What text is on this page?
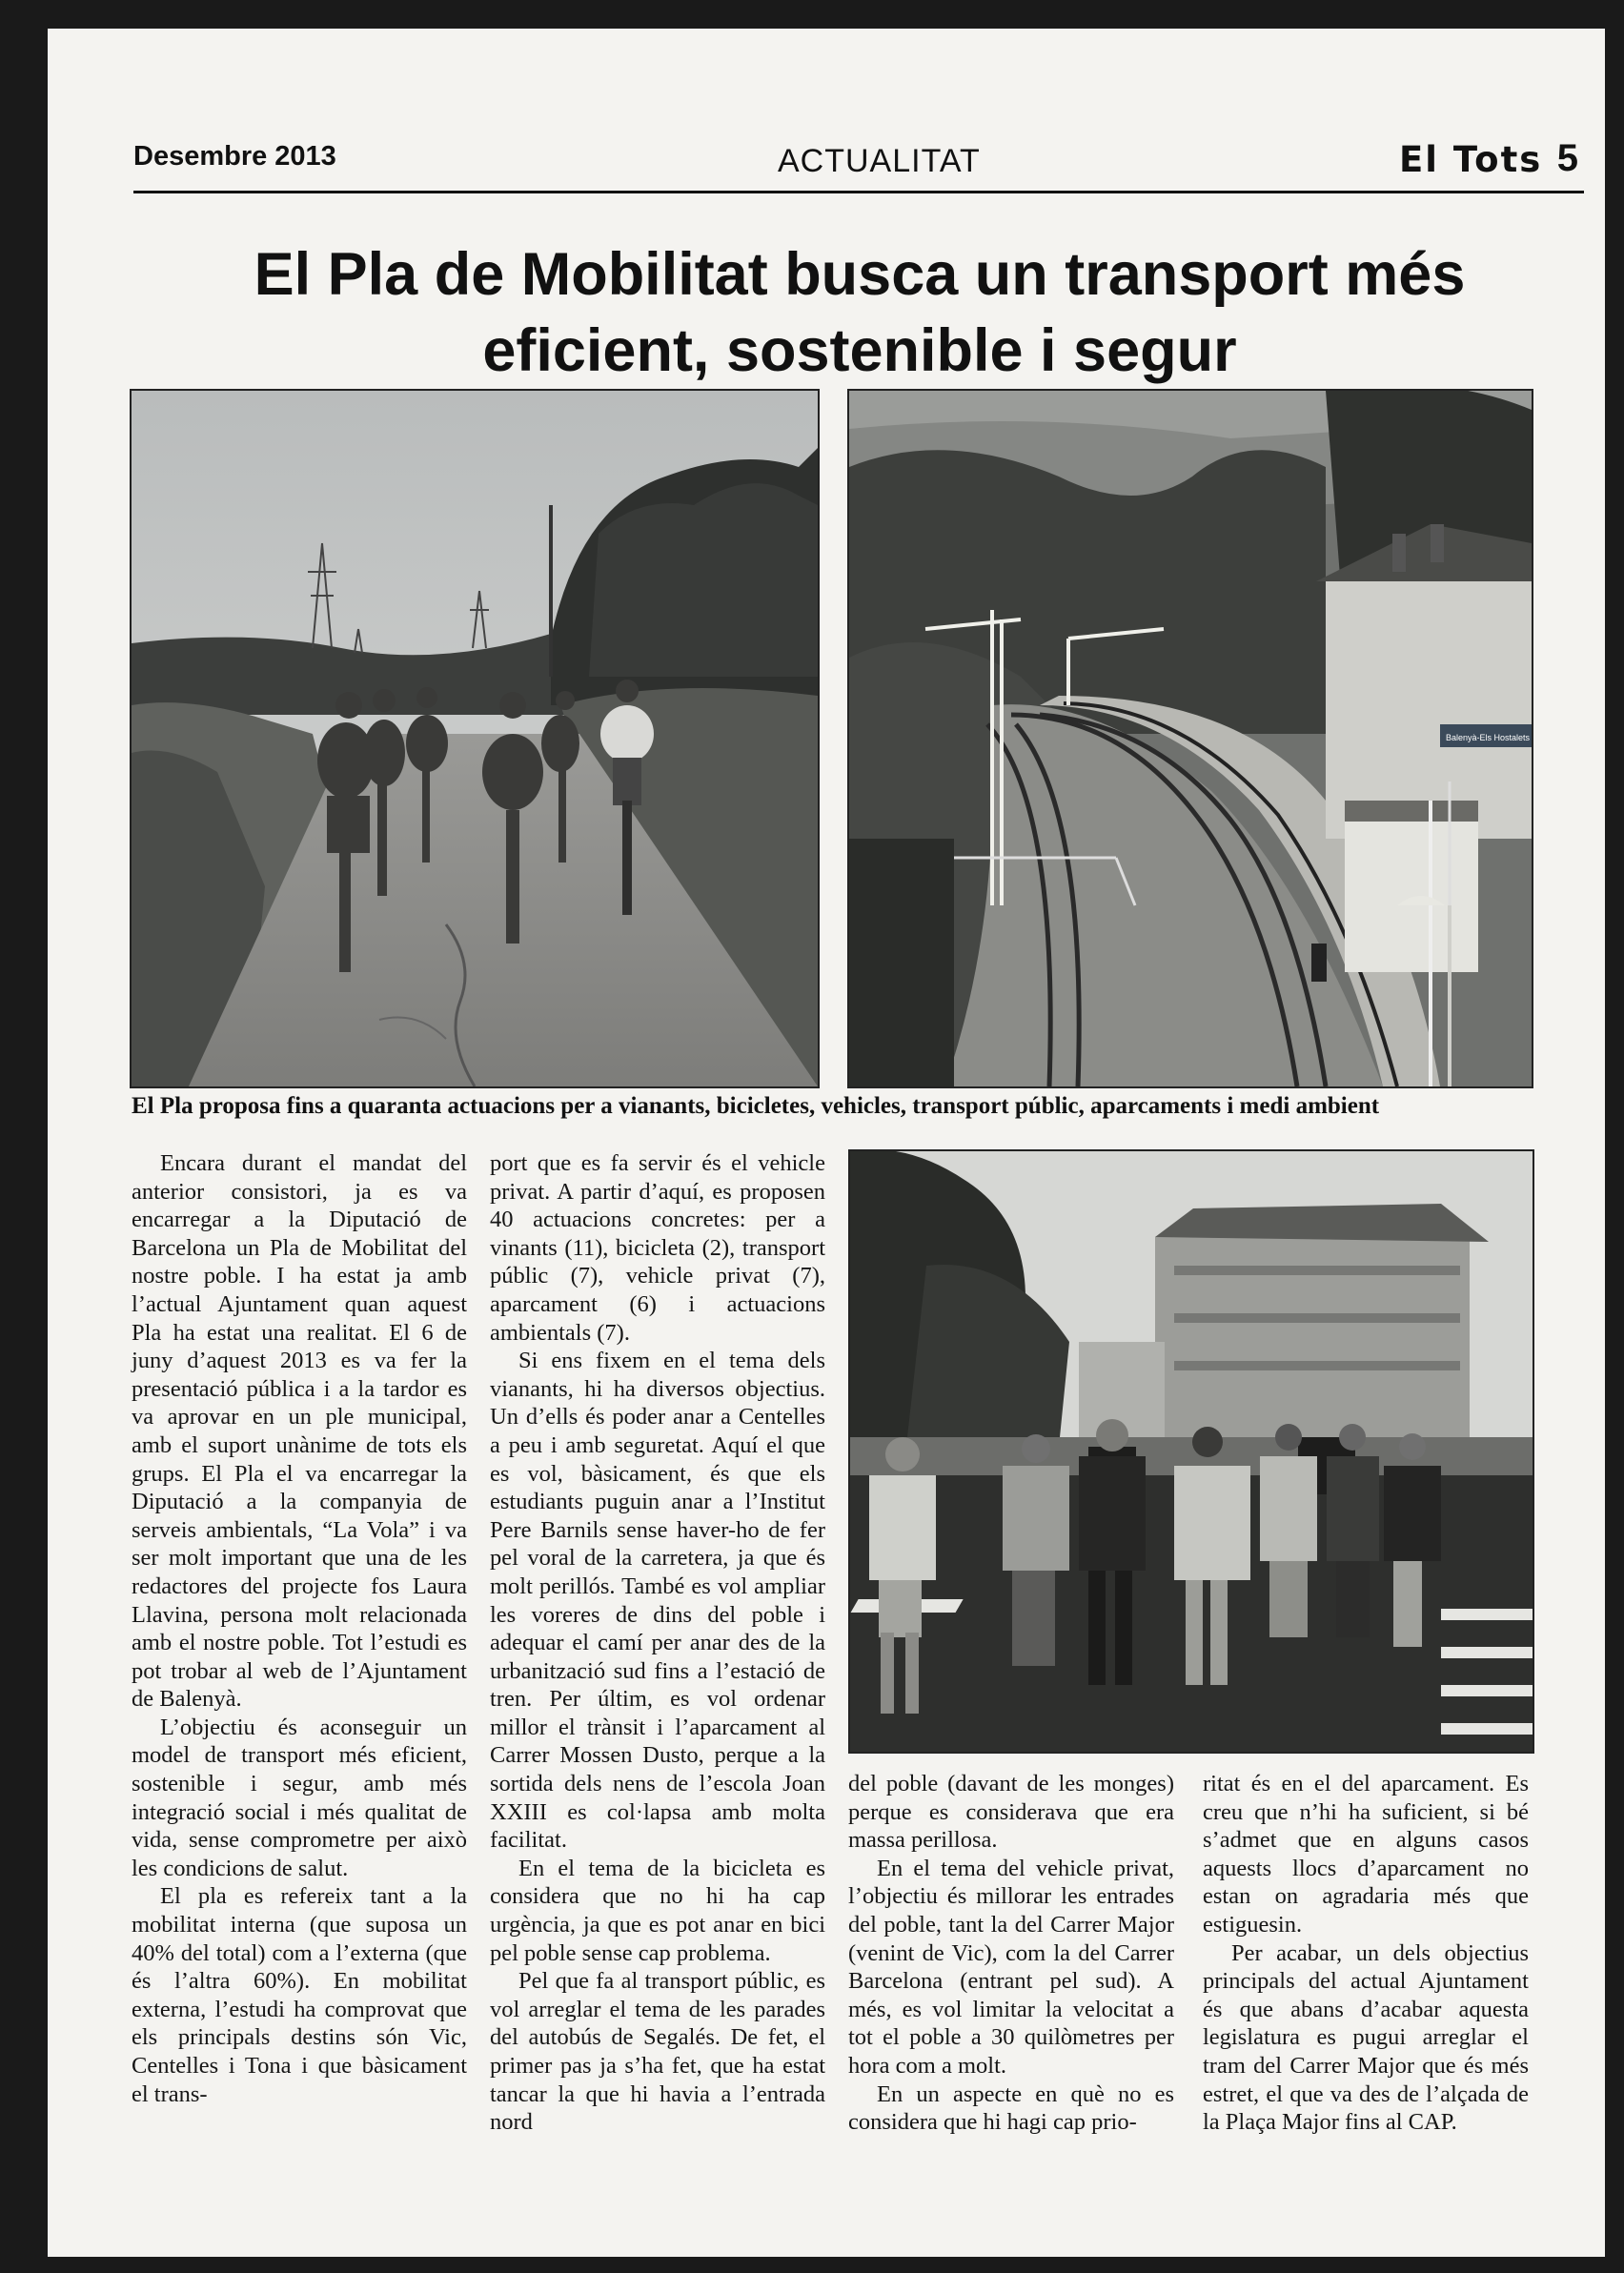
Desembre 2013	ACTUALITAT	El Tots 5
El Pla de Mobilitat busca un transport més
eficient, sostenible i segur
Balenyà-Els Hostalets
El Pla proposa fins a quaranta actuacions per a vianants, bicicletes, vehicles, transport públic, aparcaments i medi ambient

Encara durant el mandat del anterior consistori, ja es va encarregar a la Diputació de Barcelona un Pla de Mobilitat del nostre poble. I ha estat ja amb l’actual Ajuntament quan aquest Pla ha estat una realitat. El 6 de juny d’aquest 2013 es va fer la presentació pública i a la tardor es va aprovar en un ple municipal, amb el suport unànime de tots els grups. El Pla el va encarregar la Diputació a la companyia de serveis ambientals, “La Vola” i va ser molt important que una de les redactores del projecte fos Laura Llavina, persona molt relacionada amb el nostre poble. Tot l’estudi es pot trobar al web de l’Ajuntament de Balenyà.

L’objectiu és aconseguir un model de transport més eficient, sostenible i segur, amb més integració social i més qualitat de vida, sense comprometre per això les condicions de salut.

El pla es refereix tant a la mobilitat interna (que suposa un 40% del total) com a l’externa (que és l’altra 60%). En mobilitat externa, l’estudi ha comprovat que els principals destins són Vic, Centelles i Tona i que bàsicament el trans-

port que es fa servir és el vehicle privat. A partir d’aquí, es proposen 40 actuacions concretes: per a vinants (11), bicicleta (2), transport públic (7), vehicle privat (7), aparcament (6) i actuacions ambientals (7).

Si ens fixem en el tema dels vianants, hi ha diversos objectius. Un d’ells és poder anar a Centelles a peu i amb seguretat. Aquí el que es vol, bàsicament, és que els estudiants puguin anar a l’Institut Pere Barnils sense haver-ho de fer pel voral de la carretera, ja que és molt perillós. També es vol ampliar les voreres de dins del poble i adequar el camí per anar des de la urbanització sud fins a l’estació de tren. Per últim, es vol ordenar millor el trànsit i l’aparcament al Carrer Mossen Dusto, perque a la sortida dels nens de l’escola Joan XXIII es col·lapsa amb molta facilitat.

En el tema de la bicicleta es considera que no hi ha cap urgència, ja que es pot anar en bici pel poble sense cap problema.

Pel que fa al transport públic, es vol arreglar el tema de les parades del autobús de Segalés. De fet, el primer pas ja s’ha fet, que ha estat tancar la que hi havia a l’entrada nord

del poble (davant de les monges) perque es considerava que era massa perillosa.

En el tema del vehicle privat, l’objectiu és millorar les entrades del poble, tant la del Carrer Major (venint de Vic), com la del Carrer Barcelona (entrant pel sud). A més, es vol limitar la velocitat a tot el poble a 30 quilòmetres per hora com a molt.

En un aspecte en què no es considera que hi hagi cap prio-

ritat és en el del aparcament. Es creu que n’hi ha suficient, si bé s’admet que en alguns casos aquests llocs d’aparcament no estan on agradaria més que estiguesin.

Per acabar, un dels objectius principals del actual Ajuntament és que abans d’acabar aquesta legislatura es pugui arreglar el tram del Carrer Major que és més estret, el que va des de l’alçada de la Plaça Major fins al CAP.
